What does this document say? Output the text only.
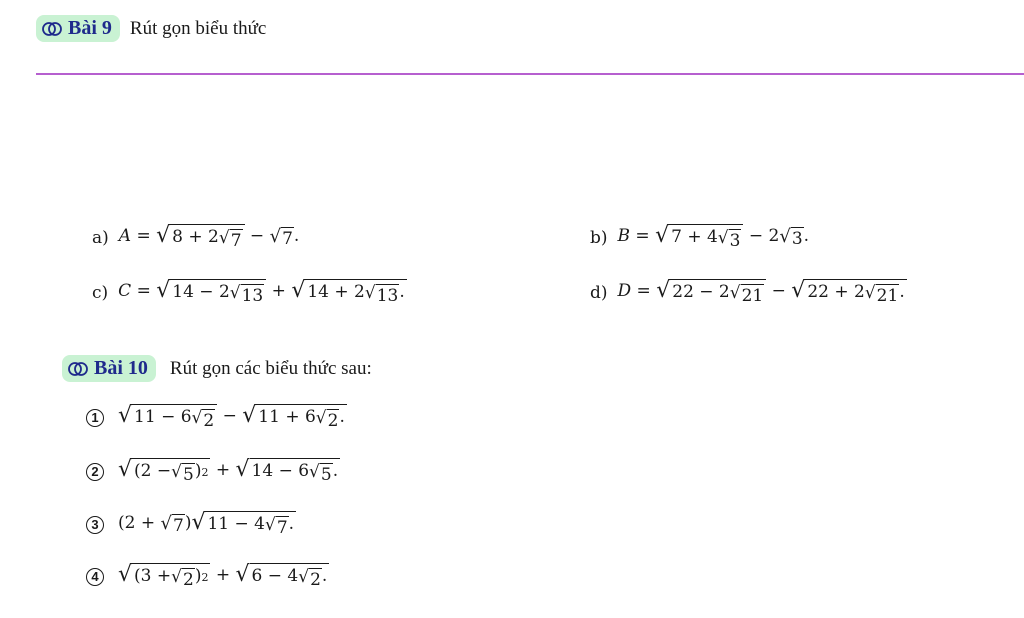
Bài 9 Rút gọn biểu thức
a) A = √ 8 + 2 √ 7 − √ 7 .	b) B = √ 7 + 4 √ 3 − 2 √ 3 .
c) C = √ 14 − 2 √ 13 + √ 14 + 2 √ 13 .	d) D = √ 22 − 2 √ 21 − √ 22 + 2 √ 21 .
Bài 10 Rút gọn các biểu thức sau:
1 √ 11 − 6 √ 2 − √ 11 + 6 √ 2 .
2 √ (2 − √ 5 ) 2 + √ 14 − 6 √ 5 .
3	(2 + √ 7 ) √ 11 − 4 √ 7 .
4 √ (3 + √ 2 ) 2 + √ 6 − 4 √ 2 .
